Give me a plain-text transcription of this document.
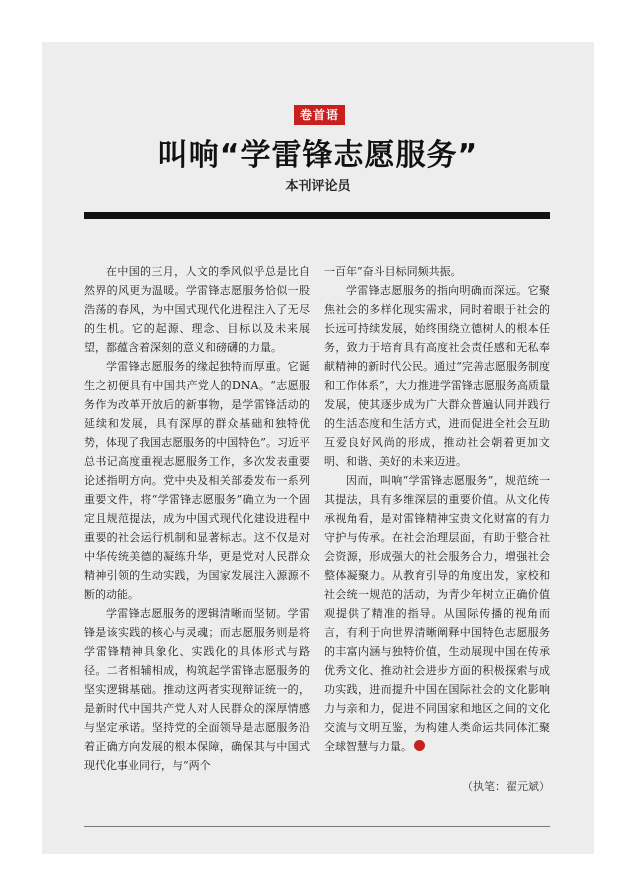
卷首语
叫响“学雷锋志愿服务”
本刊评论员

在中国的三月，人文的季风似乎总是比自然界的风更为温暖。学雷锋志愿服务恰似一股浩荡的春风，为中国式现代化进程注入了无尽的生机。它的起源、理念、目标以及未来展望，都蕴含着深刻的意义和磅礴的力量。

学雷锋志愿服务的缘起独特而厚重。它诞生之初便具有中国共产党人的DNA。“志愿服务作为改革开放后的新事物，是学雷锋活动的延续和发展，具有深厚的群众基础和独特优势，体现了我国志愿服务的中国特色”。习近平总书记高度重视志愿服务工作，多次发表重要论述指明方向。党中央及相关部委发布一系列重要文件，将“学雷锋志愿服务”确立为一个固定且规范提法，成为中国式现代化建设进程中重要的社会运行机制和显著标志。这不仅是对中华传统美德的凝练升华，更是党对人民群众精神引领的生动实践，为国家发展注入源源不断的动能。

学雷锋志愿服务的逻辑清晰而坚韧。学雷锋是该实践的核心与灵魂；而志愿服务则是将学雷锋精神具象化、实践化的具体形式与路径。二者相辅相成，构筑起学雷锋志愿服务的坚实逻辑基础。推动这两者实现辩证统一的，是新时代中国共产党人对人民群众的深厚情感与坚定承诺。坚持党的全面领导是志愿服务沿着正确方向发展的根本保障，确保其与中国式现代化事业同行，与“两个

一百年”奋斗目标同频共振。

学雷锋志愿服务的指向明确而深远。它聚焦社会的多样化现实需求，同时着眼于社会的长远可持续发展，始终围绕立德树人的根本任务，致力于培育具有高度社会责任感和无私奉献精神的新时代公民。通过“完善志愿服务制度和工作体系”，大力推进学雷锋志愿服务高质量发展，使其逐步成为广大群众普遍认同并践行的生活态度和生活方式，进而促进全社会互助互爱良好风尚的形成，推动社会朝着更加文明、和谐、美好的未来迈进。

因而，叫响“学雷锋志愿服务”，规范统一其提法，具有多维深层的重要价值。从文化传承视角看，是对雷锋精神宝贵文化财富的有力守护与传承。在社会治理层面，有助于整合社会资源，形成强大的社会服务合力，增强社会整体凝聚力。从教育引导的角度出发，家校和社会统一规范的活动，为青少年树立正确价值观提供了精准的指导。从国际传播的视角而言，有利于向世界清晰阐释中国特色志愿服务的丰富内涵与独特价值，生动展现中国在传承优秀文化、推动社会进步方面的积极探索与成功实践，进而提升中国在国际社会的文化影响力与亲和力，促进不同国家和地区之间的文化交流与文明互鉴，为构建人类命运共同体汇聚全球智慧与力量。

（执笔：翟元斌）
